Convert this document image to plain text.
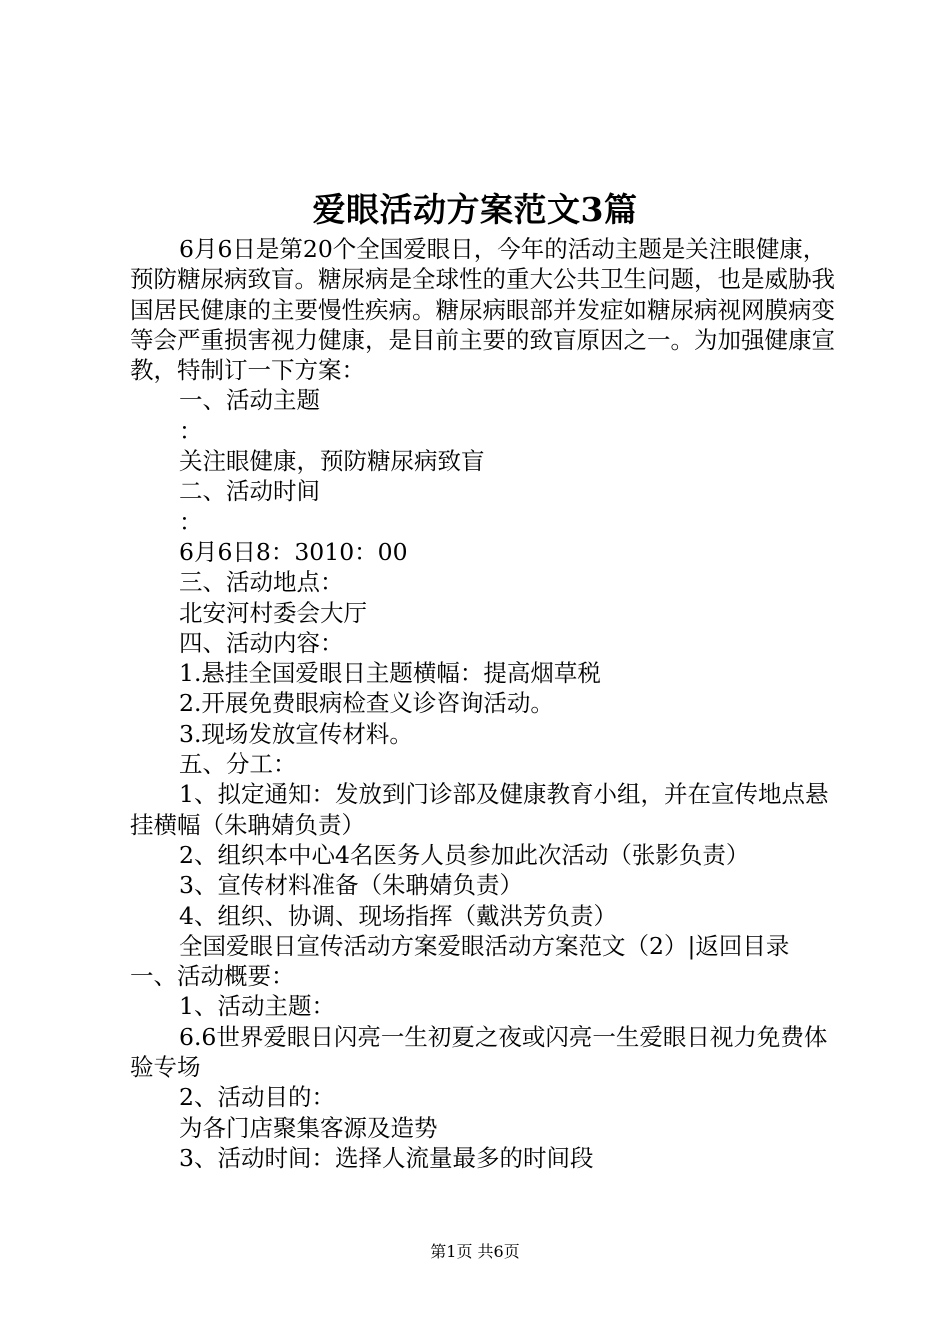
爱眼活动方案范文3篇

6月6日是第20个全国爱眼日，今年的活动主题是关注眼健康，预防糖尿病致盲。糖尿病是全球性的重大公共卫生问题，也是威胁我国居民健康的主要慢性疾病。糖尿病眼部并发症如糖尿病视网膜病变等会严重损害视力健康，是目前主要的致盲原因之一。为加强健康宣教，特制订一下方案：

一、活动主题

：

关注眼健康，预防糖尿病致盲

二、活动时间

：

6月6日8：3010：00

三、活动地点：

北安河村委会大厅

四、活动内容：

1.悬挂全国爱眼日主题横幅：提高烟草税

2.开展免费眼病检查义诊咨询活动。

3.现场发放宣传材料。

五、分工：

1、拟定通知：发放到门诊部及健康教育小组，并在宣传地点悬挂横幅（朱聃婧负责）

2、组织本中心4名医务人员参加此次活动（张影负责）

3、宣传材料准备（朱聃婧负责）

4、组织、协调、现场指挥（戴洪芳负责）

全国爱眼日宣传活动方案爱眼活动方案范文（2）|返回目录一、活动概要：

1、活动主题：

6.6世界爱眼日闪亮一生初夏之夜或闪亮一生爱眼日视力免费体验专场

2、活动目的：

为各门店聚集客源及造势

3、活动时间：选择人流量最多的时间段

第1页 共6页
